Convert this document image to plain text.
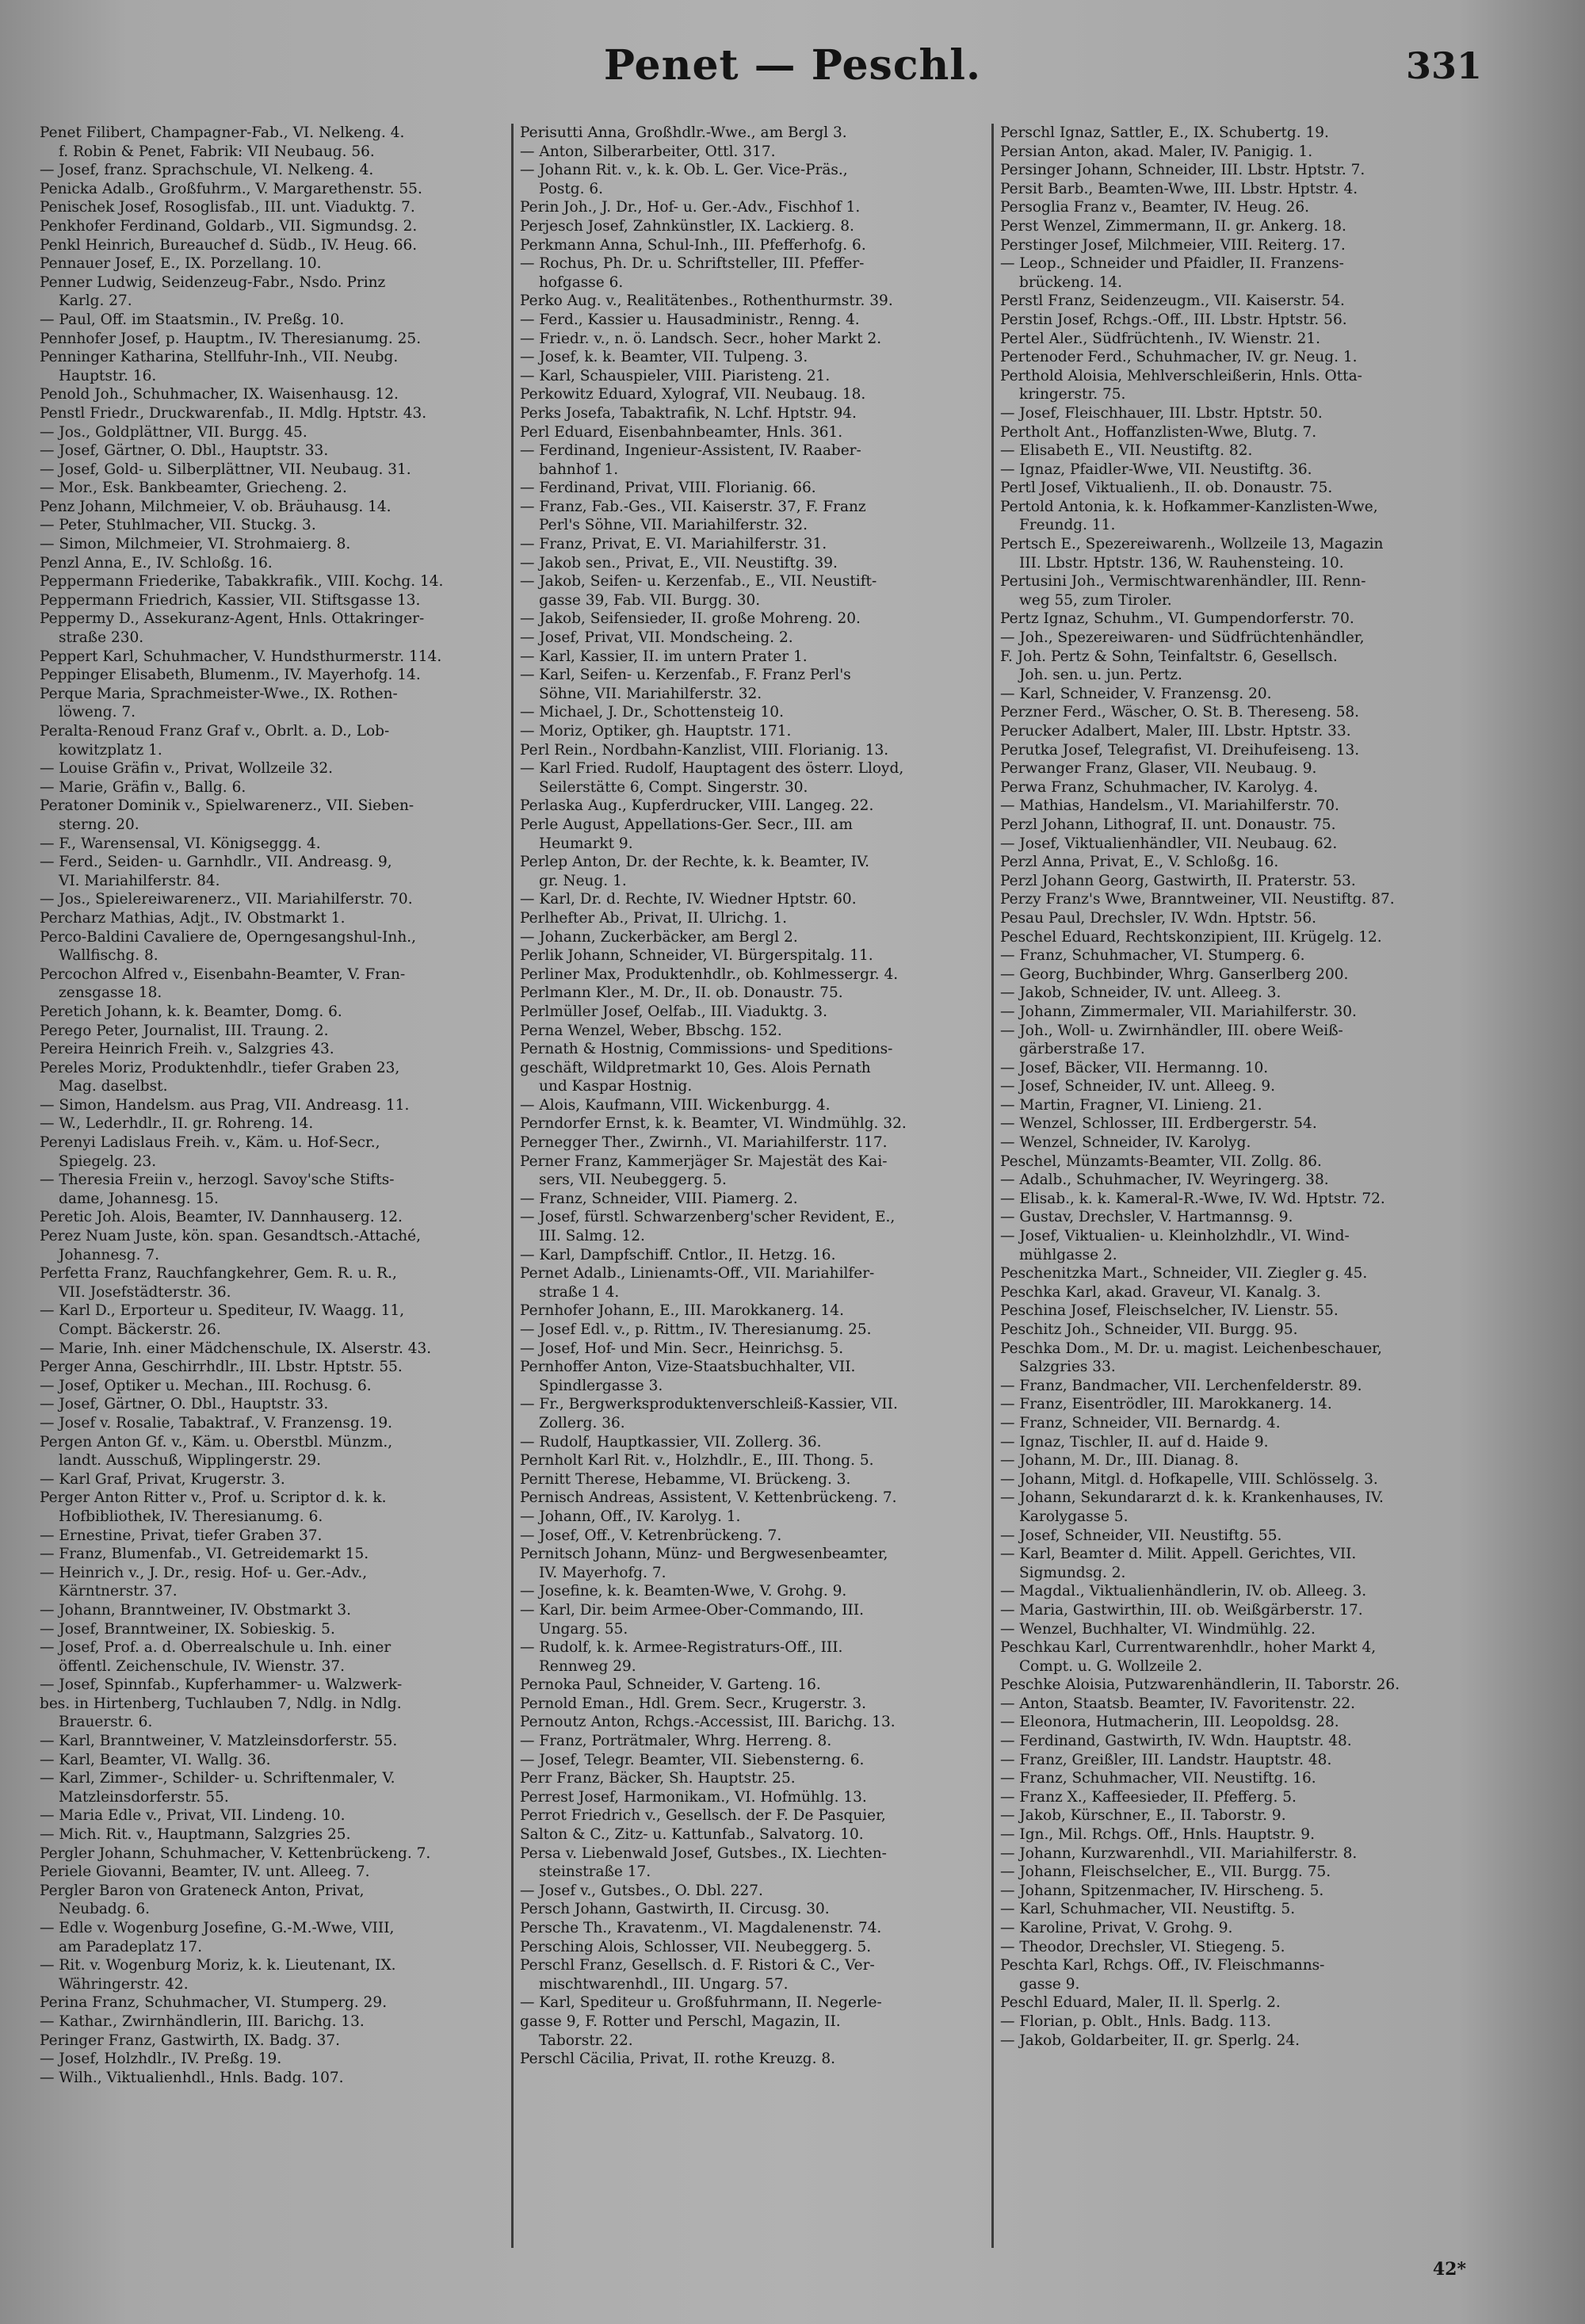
Penet — Peschl.	331

Penet Filibert, Champagner-Fab., VI. Nelkeng. 4.

f. Robin & Penet, Fabrik: VII Neubaug. 56.

— Josef, franz. Sprachschule, VI. Nelkeng. 4.

Penicka Adalb., Großfuhrm., V. Margarethenstr. 55.

Penischek Josef, Rosoglisfab., III. unt. Viaduktg. 7.

Penkhofer Ferdinand, Goldarb., VII. Sigmundsg. 2.

Penkl Heinrich, Bureauchef d. Südb., IV. Heug. 66.

Pennauer Josef, E., IX. Porzellang. 10.

Penner Ludwig, Seidenzeug-Fabr., Nsdo. Prinz

Karlg. 27.

— Paul, Off. im Staatsmin., IV. Preßg. 10.

Pennhofer Josef, p. Hauptm., IV. Theresianumg. 25.

Penninger Katharina, Stellfuhr-Inh., VII. Neubg.

Hauptstr. 16.

Penold Joh., Schuhmacher, IX. Waisenhausg. 12.

Penstl Friedr., Druckwarenfab., II. Mdlg. Hptstr. 43.

— Jos., Goldplättner, VII. Burgg. 45.

— Josef, Gärtner, O. Dbl., Hauptstr. 33.

— Josef, Gold- u. Silberplättner, VII. Neubaug. 31.

— Mor., Esk. Bankbeamter, Griecheng. 2.

Penz Johann, Milchmeier, V. ob. Bräuhausg. 14.

— Peter, Stuhlmacher, VII. Stuckg. 3.

— Simon, Milchmeier, VI. Strohmaierg. 8.

Penzl Anna, E., IV. Schloßg. 16.

Peppermann Friederike, Tabakkrafik., VIII. Kochg. 14.

Peppermann Friedrich, Kassier, VII. Stiftsgasse 13.

Peppermy D., Assekuranz-Agent, Hnls. Ottakringer-

straße 230.

Peppert Karl, Schuhmacher, V. Hundsthurmerstr. 114.

Peppinger Elisabeth, Blumenm., IV. Mayerhofg. 14.

Perque Maria, Sprachmeister-Wwe., IX. Rothen-

löweng. 7.

Peralta-Renoud Franz Graf v., Obrlt. a. D., Lob-

kowitzplatz 1.

— Louise Gräfin v., Privat, Wollzeile 32.

— Marie, Gräfin v., Ballg. 6.

Peratoner Dominik v., Spielwarenerz., VII. Sieben-

sterng. 20.

— F., Warensensal, VI. Königseggg. 4.

— Ferd., Seiden- u. Garnhdlr., VII. Andreasg. 9,

VI. Mariahilferstr. 84.

— Jos., Spielereiwarenerz., VII. Mariahilferstr. 70.

Percharz Mathias, Adjt., IV. Obstmarkt 1.

Perco-Baldini Cavaliere de, Operngesangshul-Inh.,

Wallfischg. 8.

Percochon Alfred v., Eisenbahn-Beamter, V. Fran-

zensgasse 18.

Peretich Johann, k. k. Beamter, Domg. 6.

Perego Peter, Journalist, III. Traung. 2.

Pereira Heinrich Freih. v., Salzgries 43.

Pereles Moriz, Produktenhdlr., tiefer Graben 23,

Mag. daselbst.

— Simon, Handelsm. aus Prag, VII. Andreasg. 11.

— W., Lederhdlr., II. gr. Rohreng. 14.

Perenyi Ladislaus Freih. v., Käm. u. Hof-Secr.,

Spiegelg. 23.

— Theresia Freiin v., herzogl. Savoy'sche Stifts-

dame, Johannesg. 15.

Peretic Joh. Alois, Beamter, IV. Dannhauserg. 12.

Perez Nuam Juste, kön. span. Gesandtsch.-Attaché,

Johannesg. 7.

Perfetta Franz, Rauchfangkehrer, Gem. R. u. R.,

VII. Josefstädterstr. 36.

— Karl D., Erporteur u. Spediteur, IV. Waagg. 11,

Compt. Bäckerstr. 26.

— Marie, Inh. einer Mädchenschule, IX. Alserstr. 43.

Perger Anna, Geschirrhdlr., III. Lbstr. Hptstr. 55.

— Josef, Optiker u. Mechan., III. Rochusg. 6.

— Josef, Gärtner, O. Dbl., Hauptstr. 33.

— Josef v. Rosalie, Tabaktraf., V. Franzensg. 19.

Pergen Anton Gf. v., Käm. u. Oberstbl. Münzm.,

landt. Ausschuß, Wipplingerstr. 29.

— Karl Graf, Privat, Krugerstr. 3.

Perger Anton Ritter v., Prof. u. Scriptor d. k. k.

Hofbibliothek, IV. Theresianumg. 6.

— Ernestine, Privat, tiefer Graben 37.

— Franz, Blumenfab., VI. Getreidemarkt 15.

— Heinrich v., J. Dr., resig. Hof- u. Ger.-Adv.,

Kärntnerstr. 37.

— Johann, Branntweiner, IV. Obstmarkt 3.

— Josef, Branntweiner, IX. Sobieskig. 5.

— Josef, Prof. a. d. Oberrealschule u. Inh. einer

öffentl. Zeichenschule, IV. Wienstr. 37.

— Josef, Spinnfab., Kupferhammer- u. Walzwerk-

bes. in Hirtenberg, Tuchlauben 7, Ndlg. in Ndlg.

Brauerstr. 6.

— Karl, Branntweiner, V. Matzleinsdorferstr. 55.

— Karl, Beamter, VI. Wallg. 36.

— Karl, Zimmer-, Schilder- u. Schriftenmaler, V.

Matzleinsdorferstr. 55.

— Maria Edle v., Privat, VII. Lindeng. 10.

— Mich. Rit. v., Hauptmann, Salzgries 25.

Pergler Johann, Schuhmacher, V. Kettenbrückeng. 7.

Periele Giovanni, Beamter, IV. unt. Alleeg. 7.

Pergler Baron von Grateneck Anton, Privat,

Neubadg. 6.

— Edle v. Wogenburg Josefine, G.-M.-Wwe, VIII,

am Paradeplatz 17.

— Rit. v. Wogenburg Moriz, k. k. Lieutenant, IX.

Währingerstr. 42.

Perina Franz, Schuhmacher, VI. Stumperg. 29.

— Kathar., Zwirnhändlerin, III. Barichg. 13.

Peringer Franz, Gastwirth, IX. Badg. 37.

— Josef, Holzhdlr., IV. Preßg. 19.

— Wilh., Viktualienhdl., Hnls. Badg. 107.

Perisutti Anna, Großhdlr.-Wwe., am Bergl 3.

— Anton, Silberarbeiter, Ottl. 317.

— Johann Rit. v., k. k. Ob. L. Ger. Vice-Präs.,

Postg. 6.

Perin Joh., J. Dr., Hof- u. Ger.-Adv., Fischhof 1.

Perjesch Josef, Zahnkünstler, IX. Lackierg. 8.

Perkmann Anna, Schul-Inh., III. Pfefferhofg. 6.

— Rochus, Ph. Dr. u. Schriftsteller, III. Pfeffer-

hofgasse 6.

Perko Aug. v., Realitätenbes., Rothenthurmstr. 39.

— Ferd., Kassier u. Hausadministr., Renng. 4.

— Friedr. v., n. ö. Landsch. Secr., hoher Markt 2.

— Josef, k. k. Beamter, VII. Tulpeng. 3.

— Karl, Schauspieler, VIII. Piaristeng. 21.

Perkowitz Eduard, Xylograf, VII. Neubaug. 18.

Perks Josefa, Tabaktrafik, N. Lchf. Hptstr. 94.

Perl Eduard, Eisenbahnbeamter, Hnls. 361.

— Ferdinand, Ingenieur-Assistent, IV. Raaber-

bahnhof 1.

— Ferdinand, Privat, VIII. Florianig. 66.

— Franz, Fab.-Ges., VII. Kaiserstr. 37, F. Franz

Perl's Söhne, VII. Mariahilferstr. 32.

— Franz, Privat, E. VI. Mariahilferstr. 31.

— Jakob sen., Privat, E., VII. Neustiftg. 39.

— Jakob, Seifen- u. Kerzenfab., E., VII. Neustift-

gasse 39, Fab. VII. Burgg. 30.

— Jakob, Seifensieder, II. große Mohreng. 20.

— Josef, Privat, VII. Mondscheing. 2.

— Karl, Kassier, II. im untern Prater 1.

— Karl, Seifen- u. Kerzenfab., F. Franz Perl's

Söhne, VII. Mariahilferstr. 32.

— Michael, J. Dr., Schottensteig 10.

— Moriz, Optiker, gh. Hauptstr. 171.

Perl Rein., Nordbahn-Kanzlist, VIII. Florianig. 13.

— Karl Fried. Rudolf, Hauptagent des österr. Lloyd,

Seilerstätte 6, Compt. Singerstr. 30.

Perlaska Aug., Kupferdrucker, VIII. Langeg. 22.

Perle August, Appellations-Ger. Secr., III. am

Heumarkt 9.

Perlep Anton, Dr. der Rechte, k. k. Beamter, IV.

gr. Neug. 1.

— Karl, Dr. d. Rechte, IV. Wiedner Hptstr. 60.

Perlhefter Ab., Privat, II. Ulrichg. 1.

— Johann, Zuckerbäcker, am Bergl 2.

Perlik Johann, Schneider, VI. Bürgerspitalg. 11.

Perliner Max, Produktenhdlr., ob. Kohlmessergr. 4.

Perlmann Kler., M. Dr., II. ob. Donaustr. 75.

Perlmüller Josef, Oelfab., III. Viaduktg. 3.

Perna Wenzel, Weber, Bbschg. 152.

Pernath & Hostnig, Commissions- und Speditions-

geschäft, Wildpretmarkt 10, Ges. Alois Pernath

und Kaspar Hostnig.

— Alois, Kaufmann, VIII. Wickenburgg. 4.

Perndorfer Ernst, k. k. Beamter, VI. Windmühlg. 32.

Pernegger Ther., Zwirnh., VI. Mariahilferstr. 117.

Perner Franz, Kammerjäger Sr. Majestät des Kai-

sers, VII. Neubeggerg. 5.

— Franz, Schneider, VIII. Piamerg. 2.

— Josef, fürstl. Schwarzenberg'scher Revident, E.,

III. Salmg. 12.

— Karl, Dampfschiff. Cntlor., II. Hetzg. 16.

Pernet Adalb., Linienamts-Off., VII. Mariahilfer-

straße 1 4.

Pernhofer Johann, E., III. Marokkanerg. 14.

— Josef Edl. v., p. Rittm., IV. Theresianumg. 25.

— Josef, Hof- und Min. Secr., Heinrichsg. 5.

Pernhoffer Anton, Vize-Staatsbuchhalter, VII.

Spindlergasse 3.

— Fr., Bergwerksproduktenverschleiß-Kassier, VII.

Zollerg. 36.

— Rudolf, Hauptkassier, VII. Zollerg. 36.

Pernholt Karl Rit. v., Holzhdlr., E., III. Thong. 5.

Pernitt Therese, Hebamme, VI. Brückeng. 3.

Pernisch Andreas, Assistent, V. Kettenbrückeng. 7.

— Johann, Off., IV. Karolyg. 1.

— Josef, Off., V. Ketrenbrückeng. 7.

Pernitsch Johann, Münz- und Bergwesenbeamter,

IV. Mayerhofg. 7.

— Josefine, k. k. Beamten-Wwe, V. Grohg. 9.

— Karl, Dir. beim Armee-Ober-Commando, III.

Ungarg. 55.

— Rudolf, k. k. Armee-Registraturs-Off., III.

Rennweg 29.

Pernoka Paul, Schneider, V. Garteng. 16.

Pernold Eman., Hdl. Grem. Secr., Krugerstr. 3.

Pernoutz Anton, Rchgs.-Accessist, III. Barichg. 13.

— Franz, Porträtmaler, Whrg. Herreng. 8.

— Josef, Telegr. Beamter, VII. Siebensterng. 6.

Perr Franz, Bäcker, Sh. Hauptstr. 25.

Perrest Josef, Harmonikam., VI. Hofmühlg. 13.

Perrot Friedrich v., Gesellsch. der F. De Pasquier,

Salton & C., Zitz- u. Kattunfab., Salvatorg. 10.

Persa v. Liebenwald Josef, Gutsbes., IX. Liechten-

steinstraße 17.

— Josef v., Gutsbes., O. Dbl. 227.

Persch Johann, Gastwirth, II. Circusg. 30.

Persche Th., Kravatenm., VI. Magdalenenstr. 74.

Persching Alois, Schlosser, VII. Neubeggerg. 5.

Perschl Franz, Gesellsch. d. F. Ristori & C., Ver-

mischtwarenhdl., III. Ungarg. 57.

— Karl, Spediteur u. Großfuhrmann, II. Negerle-

gasse 9, F. Rotter und Perschl, Magazin, II.

Taborstr. 22.

Perschl Cäcilia, Privat, II. rothe Kreuzg. 8.

Perschl Ignaz, Sattler, E., IX. Schubertg. 19.

Persian Anton, akad. Maler, IV. Panigig. 1.

Persinger Johann, Schneider, III. Lbstr. Hptstr. 7.

Persit Barb., Beamten-Wwe, III. Lbstr. Hptstr. 4.

Persoglia Franz v., Beamter, IV. Heug. 26.

Perst Wenzel, Zimmermann, II. gr. Ankerg. 18.

Perstinger Josef, Milchmeier, VIII. Reiterg. 17.

— Leop., Schneider und Pfaidler, II. Franzens-

brückeng. 14.

Perstl Franz, Seidenzeugm., VII. Kaiserstr. 54.

Perstin Josef, Rchgs.-Off., III. Lbstr. Hptstr. 56.

Pertel Aler., Südfrüchtenh., IV. Wienstr. 21.

Pertenoder Ferd., Schuhmacher, IV. gr. Neug. 1.

Perthold Aloisia, Mehlverschleißerin, Hnls. Otta-

kringerstr. 75.

— Josef, Fleischhauer, III. Lbstr. Hptstr. 50.

Pertholt Ant., Hoffanzlisten-Wwe, Blutg. 7.

— Elisabeth E., VII. Neustiftg. 82.

— Ignaz, Pfaidler-Wwe, VII. Neustiftg. 36.

Pertl Josef, Viktualienh., II. ob. Donaustr. 75.

Pertold Antonia, k. k. Hofkammer-Kanzlisten-Wwe,

Freundg. 11.

Pertsch E., Spezereiwarenh., Wollzeile 13, Magazin

III. Lbstr. Hptstr. 136, W. Rauhensteing. 10.

Pertusini Joh., Vermischtwarenhändler, III. Renn-

weg 55, zum Tiroler.

Pertz Ignaz, Schuhm., VI. Gumpendorferstr. 70.

— Joh., Spezereiwaren- und Südfrüchtenhändler,

F. Joh. Pertz & Sohn, Teinfaltstr. 6, Gesellsch.

Joh. sen. u. jun. Pertz.

— Karl, Schneider, V. Franzensg. 20.

Perzner Ferd., Wäscher, O. St. B. Thereseng. 58.

Perucker Adalbert, Maler, III. Lbstr. Hptstr. 33.

Perutka Josef, Telegrafist, VI. Dreihufeiseng. 13.

Perwanger Franz, Glaser, VII. Neubaug. 9.

Perwa Franz, Schuhmacher, IV. Karolyg. 4.

— Mathias, Handelsm., VI. Mariahilferstr. 70.

Perzl Johann, Lithograf, II. unt. Donaustr. 75.

— Josef, Viktualienhändler, VII. Neubaug. 62.

Perzl Anna, Privat, E., V. Schloßg. 16.

Perzl Johann Georg, Gastwirth, II. Praterstr. 53.

Perzy Franz's Wwe, Branntweiner, VII. Neustiftg. 87.

Pesau Paul, Drechsler, IV. Wdn. Hptstr. 56.

Peschel Eduard, Rechtskonzipient, III. Krügelg. 12.

— Franz, Schuhmacher, VI. Stumperg. 6.

— Georg, Buchbinder, Whrg. Ganserlberg 200.

— Jakob, Schneider, IV. unt. Alleeg. 3.

— Johann, Zimmermaler, VII. Mariahilferstr. 30.

— Joh., Woll- u. Zwirnhändler, III. obere Weiß-

gärberstraße 17.

— Josef, Bäcker, VII. Hermanng. 10.

— Josef, Schneider, IV. unt. Alleeg. 9.

— Martin, Fragner, VI. Linieng. 21.

— Wenzel, Schlosser, III. Erdbergerstr. 54.

— Wenzel, Schneider, IV. Karolyg.

Peschel, Münzamts-Beamter, VII. Zollg. 86.

— Adalb., Schuhmacher, IV. Weyringerg. 38.

— Elisab., k. k. Kameral-R.-Wwe, IV. Wd. Hptstr. 72.

— Gustav, Drechsler, V. Hartmannsg. 9.

— Josef, Viktualien- u. Kleinholzhdlr., VI. Wind-

mühlgasse 2.

Peschenitzka Mart., Schneider, VII. Ziegler g. 45.

Peschka Karl, akad. Graveur, VI. Kanalg. 3.

Peschina Josef, Fleischselcher, IV. Lienstr. 55.

Peschitz Joh., Schneider, VII. Burgg. 95.

Peschka Dom., M. Dr. u. magist. Leichenbeschauer,

Salzgries 33.

— Franz, Bandmacher, VII. Lerchenfelderstr. 89.

— Franz, Eisentrödler, III. Marokkanerg. 14.

— Franz, Schneider, VII. Bernardg. 4.

— Ignaz, Tischler, II. auf d. Haide 9.

— Johann, M. Dr., III. Dianag. 8.

— Johann, Mitgl. d. Hofkapelle, VIII. Schlösselg. 3.

— Johann, Sekundararzt d. k. k. Krankenhauses, IV.

Karolygasse 5.

— Josef, Schneider, VII. Neustiftg. 55.

— Karl, Beamter d. Milit. Appell. Gerichtes, VII.

Sigmundsg. 2.

— Magdal., Viktualienhändlerin, IV. ob. Alleeg. 3.

— Maria, Gastwirthin, III. ob. Weißgärberstr. 17.

— Wenzel, Buchhalter, VI. Windmühlg. 22.

Peschkau Karl, Currentwarenhdlr., hoher Markt 4,

Compt. u. G. Wollzeile 2.

Peschke Aloisia, Putzwarenhändlerin, II. Taborstr. 26.

— Anton, Staatsb. Beamter, IV. Favoritenstr. 22.

— Eleonora, Hutmacherin, III. Leopoldsg. 28.

— Ferdinand, Gastwirth, IV. Wdn. Hauptstr. 48.

— Franz, Greißler, III. Landstr. Hauptstr. 48.

— Franz, Schuhmacher, VII. Neustiftg. 16.

— Franz X., Kaffeesieder, II. Pfefferg. 5.

— Jakob, Kürschner, E., II. Taborstr. 9.

— Ign., Mil. Rchgs. Off., Hnls. Hauptstr. 9.

— Johann, Kurzwarenhdl., VII. Mariahilferstr. 8.

— Johann, Fleischselcher, E., VII. Burgg. 75.

— Johann, Spitzenmacher, IV. Hirscheng. 5.

— Karl, Schuhmacher, VII. Neustiftg. 5.

— Karoline, Privat, V. Grohg. 9.

— Theodor, Drechsler, VI. Stiegeng. 5.

Peschta Karl, Rchgs. Off., IV. Fleischmanns-

gasse 9.

Peschl Eduard, Maler, II. ll. Sperlg. 2.

— Florian, p. Oblt., Hnls. Badg. 113.

— Jakob, Goldarbeiter, II. gr. Sperlg. 24.

42*
